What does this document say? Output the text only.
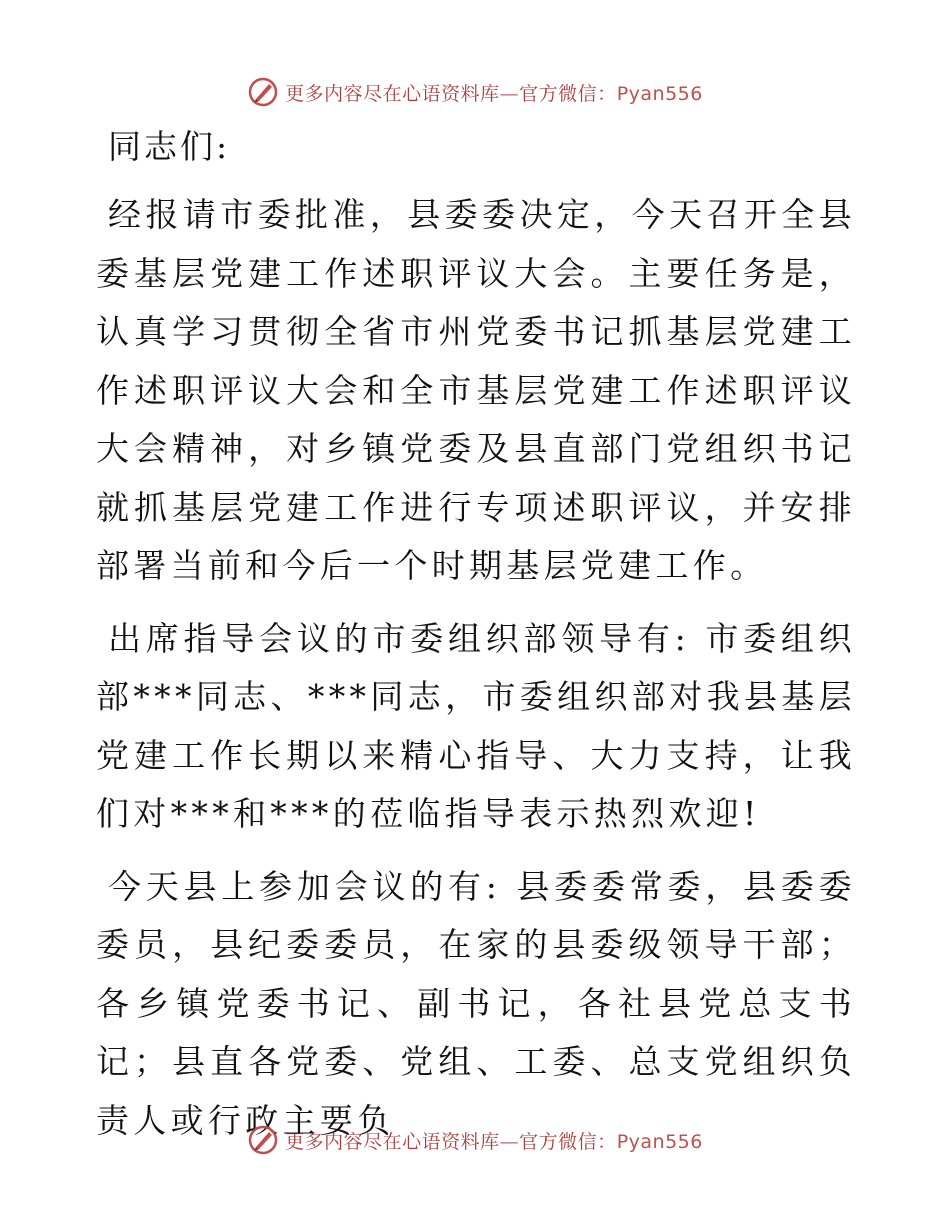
更多内容尽在心语资料库—官方微信：Pyan556

同志们:

经报请市委批准，县委委决定，今天召开全县委基层党建工作述职评议大会。主要任务是，认真学习贯彻全省市州党委书记抓基层党建工作述职评议大会和全市基层党建工作述职评议大会精神，对乡镇党委及县直部门党组织书记就抓基层党建工作进行专项述职评议，并安排部署当前和今后一个时期基层党建工作。

出席指导会议的市委组织部领导有: 市委组织部***同志、***同志，市委组织部对我县基层党建工作长期以来精心指导、大力支持，让我们对***和***的莅临指导表示热烈欢迎!

今天县上参加会议的有: 县委委常委，县委委委员，县纪委委员，在家的县委级领导干部；各乡镇党委书记、副书记，各社县党总支书记；县直各党委、党组、工委、总支党组织负责人或行政主要负

更多内容尽在心语资料库—官方微信：Pyan556
